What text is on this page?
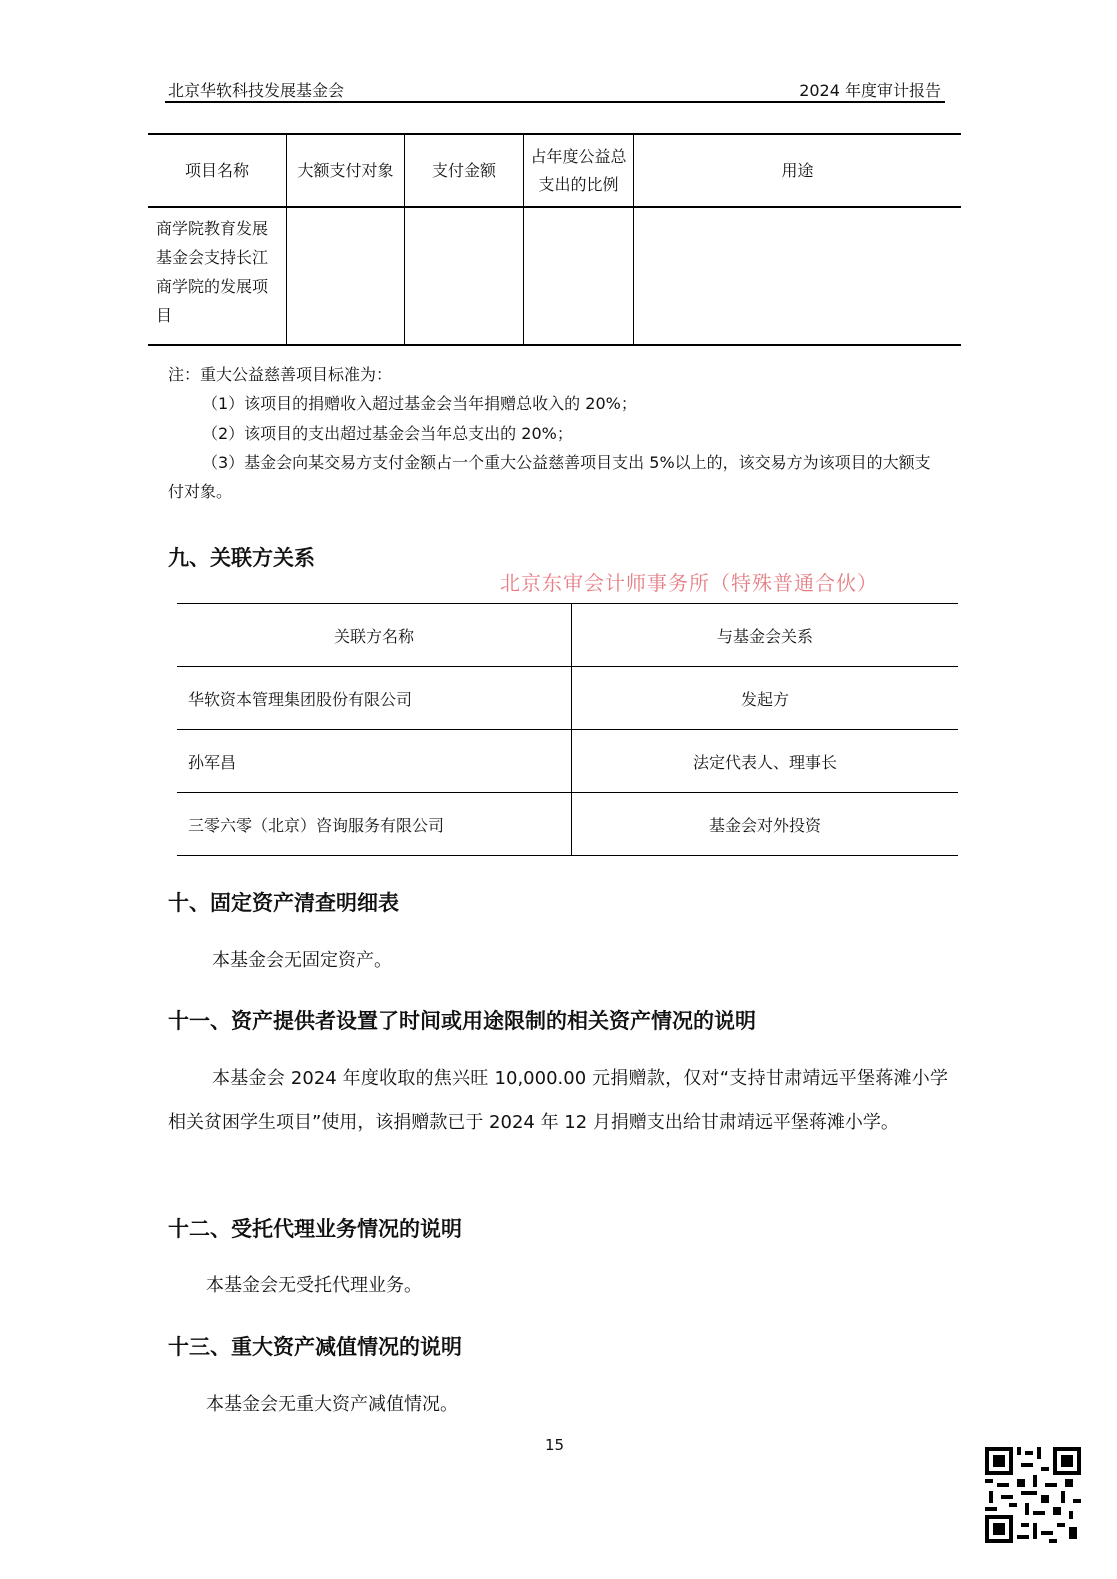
北京华软科技发展基金会	2024 年度审计报告
项目名称	大额支付对象	支付金额	占年度公益总支出的比例	用途
商学院教育发展基金会支持长江商学院的发展项目				
注：重大公益慈善项目标准为：
（1）该项目的捐赠收入超过基金会当年捐赠总收入的 20%；
（2）该项目的支出超过基金会当年总支出的 20%；
（3）基金会向某交易方支付金额占一个重大公益慈善项目支出 5%以上的，该交易方为该项目的大额支付对象。
九、关联方关系
北京东审会计师事务所（特殊普通合伙）
关联方名称	与基金会关系
华软资本管理集团股份有限公司	发起方
孙军昌	法定代表人、理事长
三零六零（北京）咨询服务有限公司	基金会对外投资
十、固定资产清查明细表
本基金会无固定资产。
十一、资产提供者设置了时间或用途限制的相关资产情况的说明
本基金会 2024 年度收取的焦兴旺 10,000.00 元捐赠款，仅对“支持甘肃靖远平堡蒋滩小学相关贫困学生项目”使用，该捐赠款已于 2024 年 12 月捐赠支出给甘肃靖远平堡蒋滩小学。
十二、受托代理业务情况的说明
本基金会无受托代理业务。
十三、重大资产减值情况的说明
本基金会无重大资产减值情况。
15
